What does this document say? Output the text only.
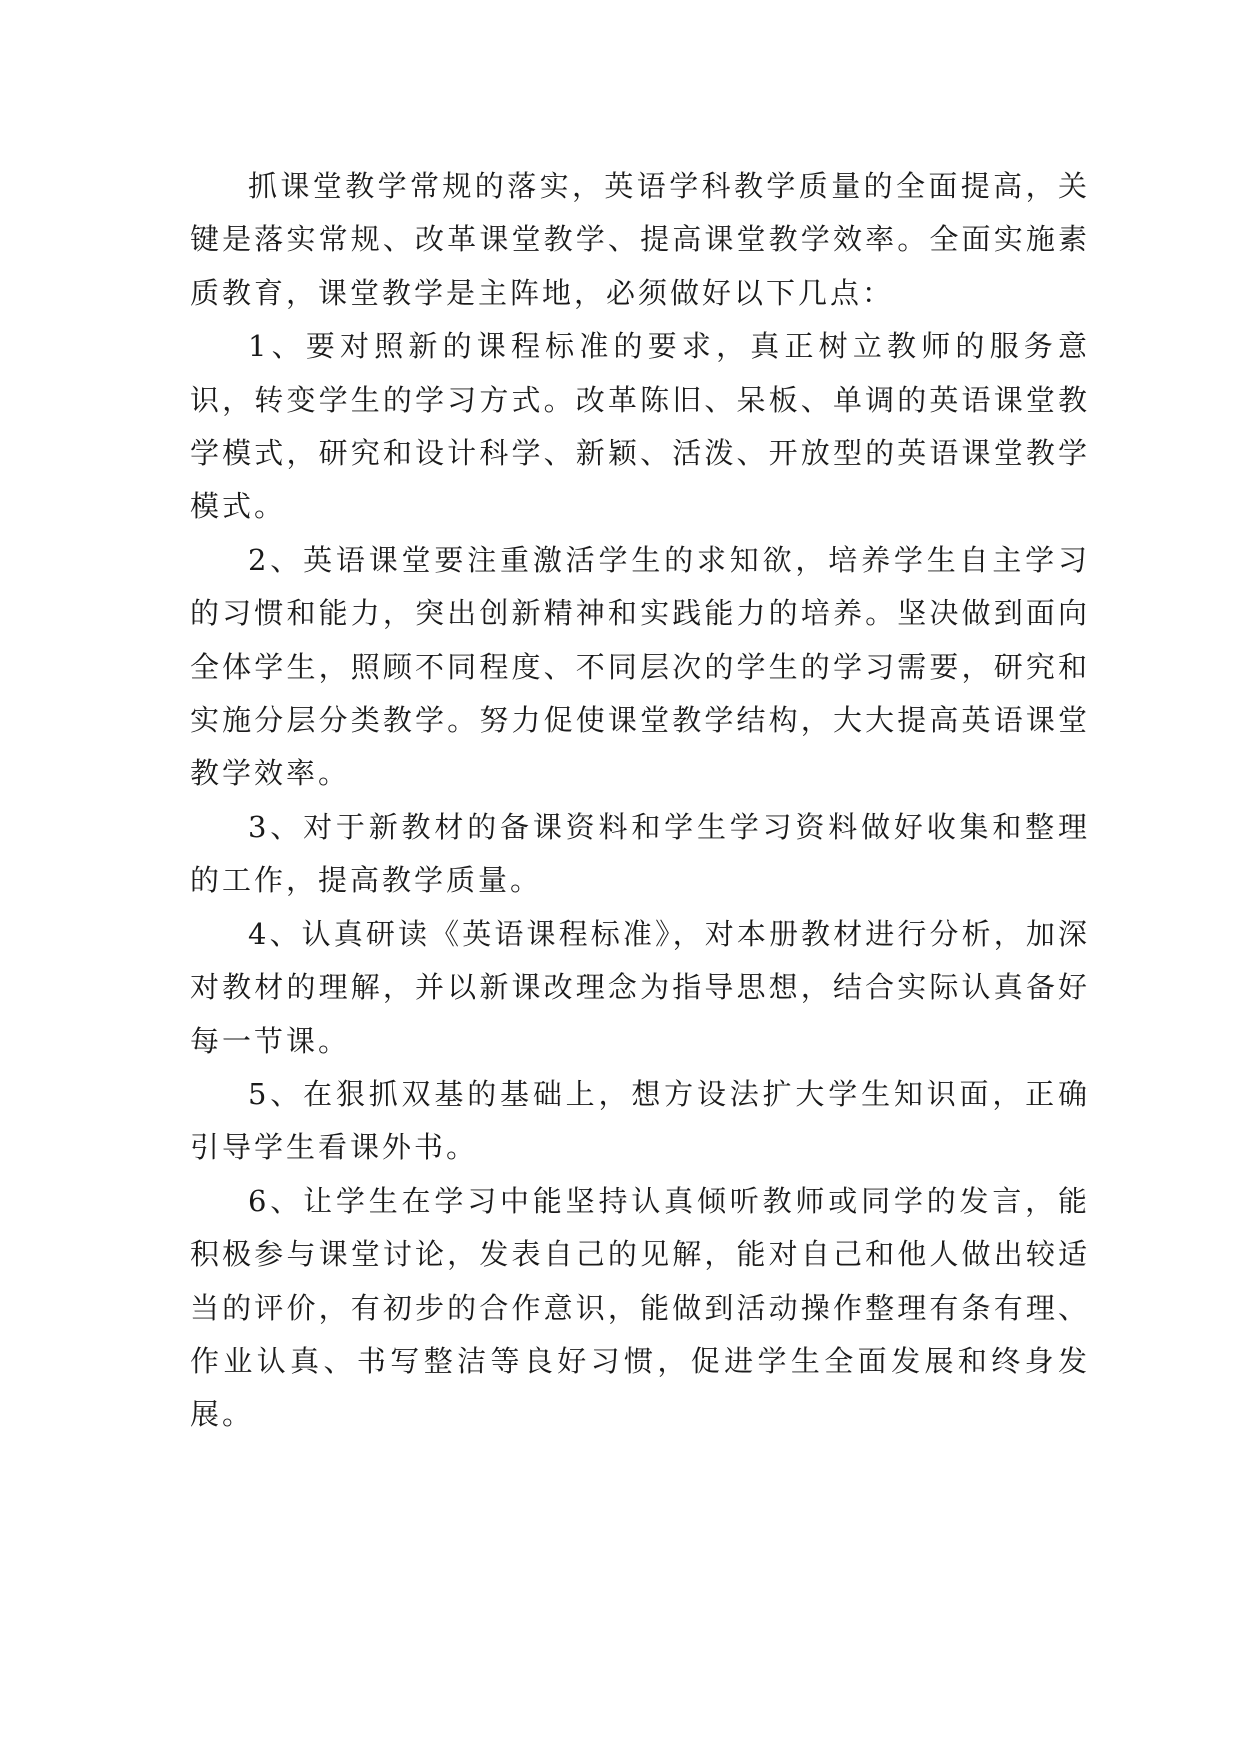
抓课堂教学常规的落实，英语学科教学质量的全面提高，关键是落实常规、改革课堂教学、提高课堂教学效率。全面实施素质教育，课堂教学是主阵地，必须做好以下几点：

1、要对照新的课程标准的要求，真正树立教师的服务意识，转变学生的学习方式。改革陈旧、呆板、单调的英语课堂教学模式，研究和设计科学、新颖、活泼、开放型的英语课堂教学模式。

2、英语课堂要注重激活学生的求知欲，培养学生自主学习的习惯和能力，突出创新精神和实践能力的培养。坚决做到面向全体学生，照顾不同程度、不同层次的学生的学习需要，研究和实施分层分类教学。努力促使课堂教学结构，大大提高英语课堂教学效率。

3、对于新教材的备课资料和学生学习资料做好收集和整理的工作，提高教学质量。

4、认真研读《英语课程标准》，对本册教材进行分析，加深对教材的理解，并以新课改理念为指导思想，结合实际认真备好每一节课。

5、在狠抓双基的基础上，想方设法扩大学生知识面，正确引导学生看课外书。

6、让学生在学习中能坚持认真倾听教师或同学的发言，能积极参与课堂讨论，发表自己的见解，能对自己和他人做出较适当的评价，有初步的合作意识，能做到活动操作整理有条有理、作业认真、书写整洁等良好习惯，促进学生全面发展和终身发展。
